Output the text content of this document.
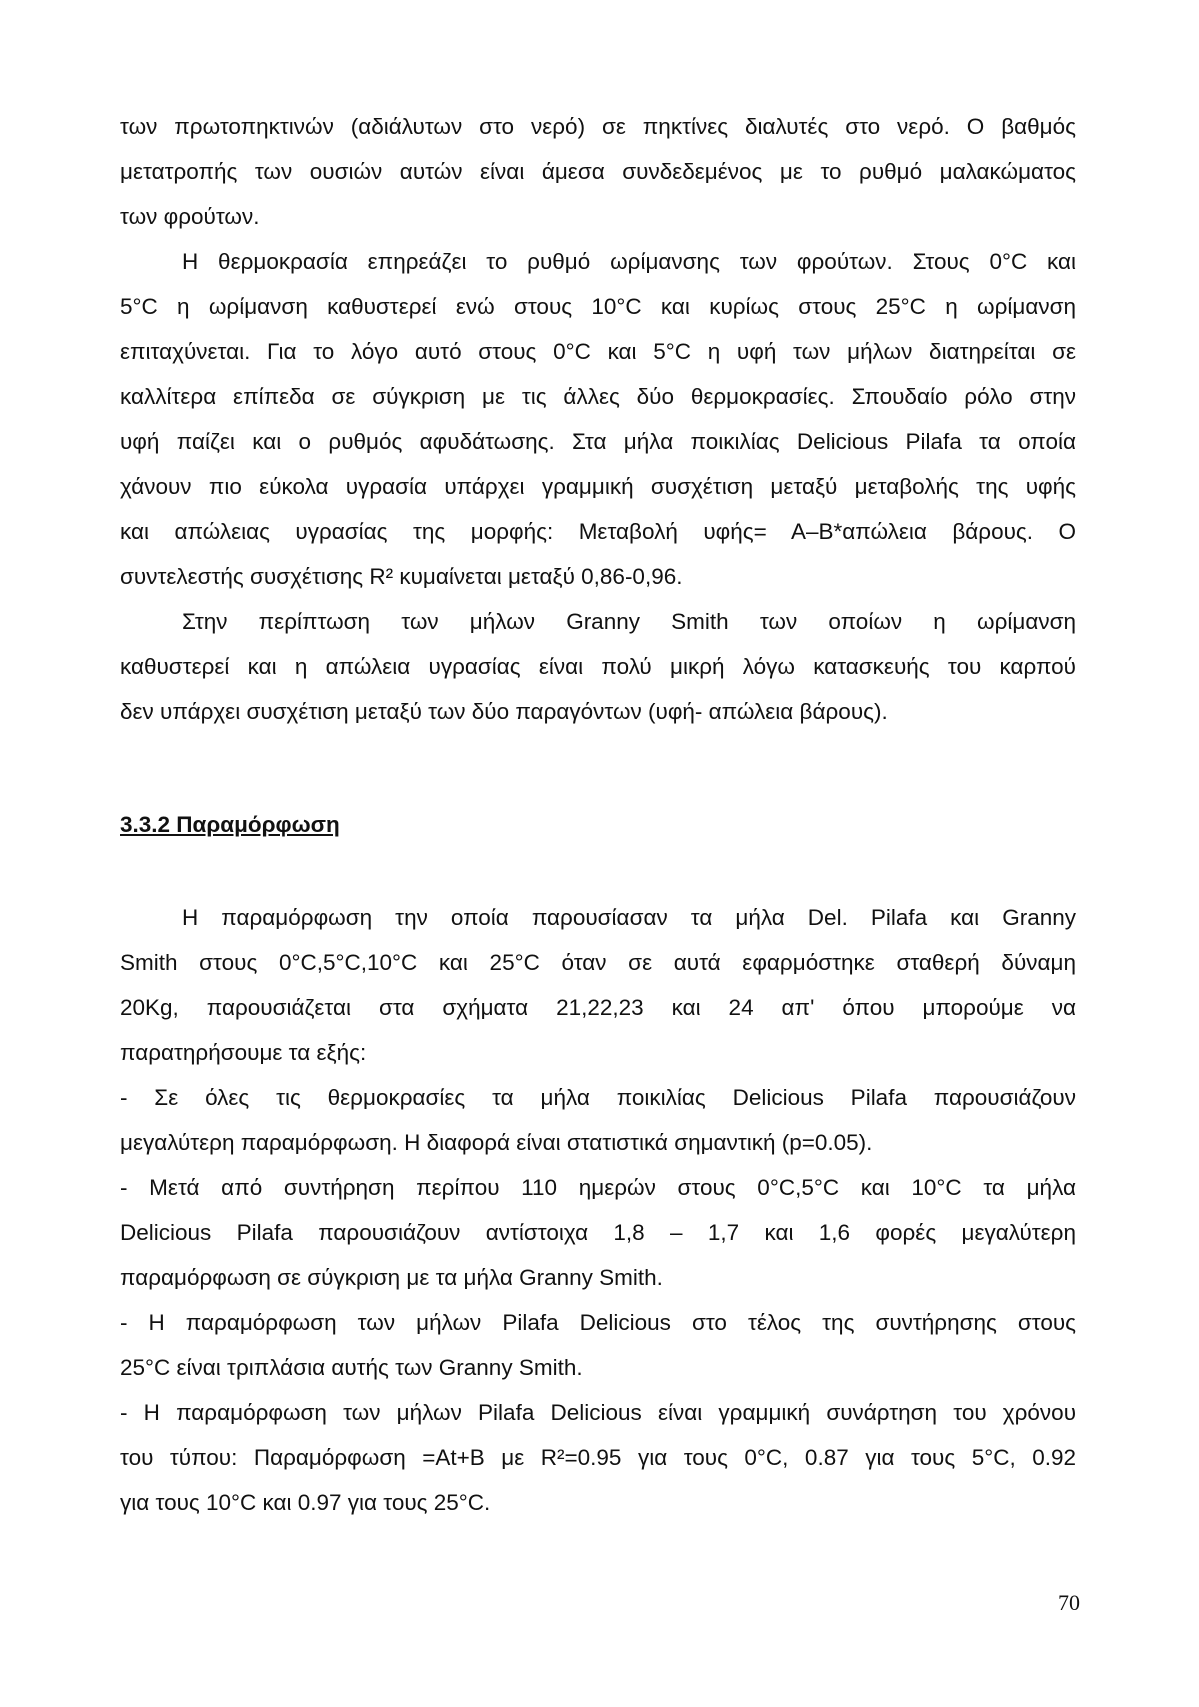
των πρωτοπηκτινών (αδιάλυτων στο νερό) σε πηκτίνες διαλυτές στο νερό. Ο βαθμός
μετατροπής των ουσιών αυτών είναι άμεσα συνδεδεμένος με το ρυθμό μαλακώματος
των φρούτων.
Η θερμοκρασία επηρεάζει το ρυθμό ωρίμανσης των φρούτων. Στους 0°C και
5°C η ωρίμανση καθυστερεί ενώ στους 10°C και κυρίως στους 25°C η ωρίμανση
επιταχύνεται. Για το λόγο αυτό στους 0°C και 5°C η υφή των μήλων διατηρείται σε
καλλίτερα επίπεδα σε σύγκριση με τις άλλες δύο θερμοκρασίες. Σπουδαίο ρόλο στην
υφή παίζει και ο ρυθμός αφυδάτωσης. Στα μήλα ποικιλίας Delicious Pilafa τα οποία
χάνουν πιο εύκολα υγρασία υπάρχει γραμμική συσχέτιση μεταξύ μεταβολής της υφής
και απώλειας υγρασίας της μορφής: Μεταβολή υφής= Α–Β*απώλεια βάρους. Ο
συντελεστής συσχέτισης R² κυμαίνεται μεταξύ 0,86-0,96.
Στην περίπτωση των μήλων Granny Smith των οποίων η ωρίμανση
καθυστερεί και η απώλεια υγρασίας είναι πολύ μικρή λόγω κατασκευής του καρπού
δεν υπάρχει συσχέτιση μεταξύ των δύο παραγόντων (υφή- απώλεια βάρους).
3.3.2 Παραμόρφωση
Η παραμόρφωση την οποία παρουσίασαν τα μήλα Del. Pilafa και Granny
Smith στους 0°C,5°C,10°C και 25°C όταν σε αυτά εφαρμόστηκε σταθερή δύναμη
20Kg, παρουσιάζεται στα σχήματα 21,22,23 και 24 απ' όπου μπορούμε να
παρατηρήσουμε τα εξής:
- Σε όλες τις θερμοκρασίες τα μήλα ποικιλίας Delicious Pilafa παρουσιάζουν
μεγαλύτερη παραμόρφωση. Η διαφορά είναι στατιστικά σημαντική (p=0.05).
- Μετά από συντήρηση περίπου 110 ημερών στους 0°C,5°C και 10°C τα μήλα
Delicious Pilafa παρουσιάζουν αντίστοιχα 1,8 – 1,7 και 1,6 φορές μεγαλύτερη
παραμόρφωση σε σύγκριση με τα μήλα Granny Smith.
- Η παραμόρφωση των μήλων Pilafa Delicious στο τέλος της συντήρησης στους
25°C είναι τριπλάσια αυτής των Granny Smith.
- Η παραμόρφωση των μήλων Pilafa Delicious είναι γραμμική συνάρτηση του χρόνου
του τύπου: Παραμόρφωση =At+B με R²=0.95 για τους 0°C, 0.87 για τους 5°C, 0.92
για τους 10°C και 0.97 για τους 25°C.
70
